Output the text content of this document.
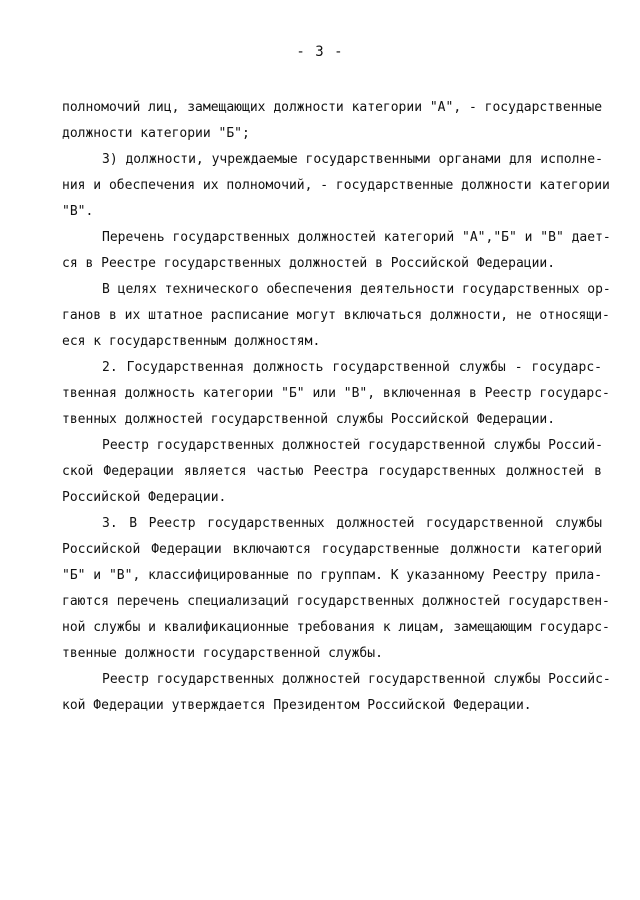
- 3 -
полномочий лиц, замещающих должности категории "А", - государственные
должности категории "Б";
3) должности, учреждаемые государственными органами для исполне-
ния и обеспечения их полномочий, - государственные должности категории
"В".
Перечень государственных должностей категорий "А","Б" и "В" дает-
ся в Реестре государственных должностей в Российской Федерации.
В целях технического обеспечения деятельности государственных ор-
ганов в их штатное расписание могут включаться должности, не относящи-
еся к государственным должностям.
2. Государственная должность государственной службы - государс-
твенная должность категории "Б" или "В", включенная в Реестр государс-
твенных должностей государственной службы Российской Федерации.
Реестр государственных должностей государственной службы Россий-
ской Федерации является частью Реестра государственных должностей в
Российской Федерации.
3. В Реестр государственных должностей государственной службы
Российской Федерации включаются государственные должности категорий
"Б" и "В", классифицированные по группам. К указанному Реестру прила-
гаются перечень специализаций государственных должностей государствен-
ной службы и квалификационные требования к лицам, замещающим государс-
твенные должности государственной службы.
Реестр государственных должностей государственной службы Российс-
кой Федерации утверждается Президентом Российской Федерации.
